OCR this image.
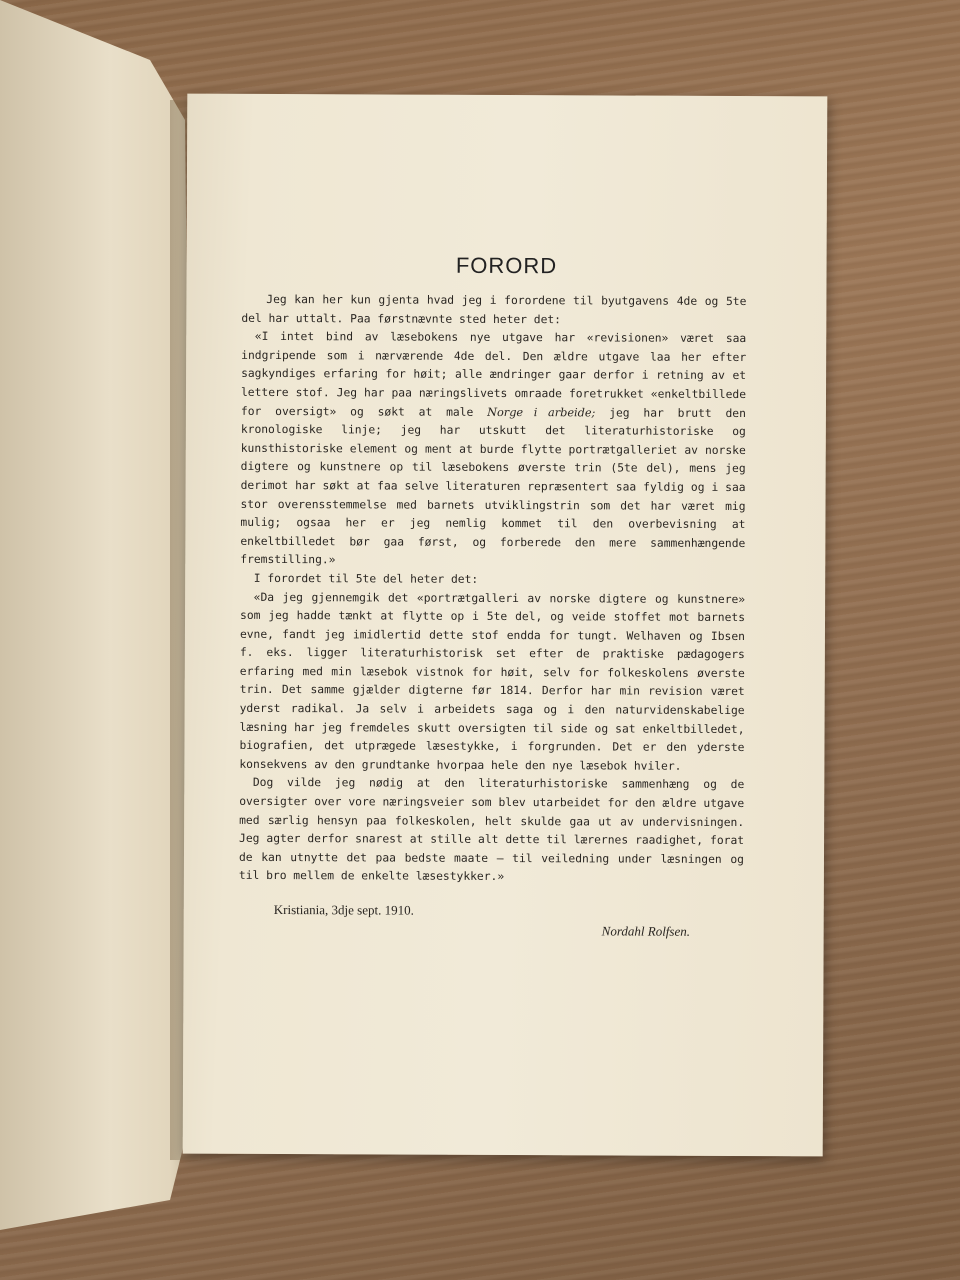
FORORD

Jeg kan her kun gjenta hvad jeg i forordene til byutgavens 4de og 5te del har uttalt. Paa førstnævnte sted heter det:

«I intet bind av læsebokens nye utgave har «revisionen» været saa indgripende som i nærværende 4de del. Den ældre utgave laa her efter sagkyndiges erfaring for høit; alle ændringer gaar derfor i retning av et lettere stof. Jeg har paa næringslivets omraade foretrukket «enkeltbillede for oversigt» og søkt at male Norge i arbeide; jeg har brutt den kronologiske linje; jeg har utskutt det literaturhistoriske og kunsthistoriske element og ment at burde flytte portrætgalleriet av norske digtere og kunstnere op til læsebokens øverste trin (5te del), mens jeg derimot har søkt at faa selve literaturen repræsentert saa fyldig og i saa stor overensstemmelse med barnets utviklingstrin som det har været mig mulig; ogsaa her er jeg nemlig kommet til den overbevisning at enkeltbilledet bør gaa først, og forberede den mere sammenhængende fremstilling.»

I forordet til 5te del heter det:

«Da jeg gjennemgik det «portrætgalleri av norske digtere og kunstnere» som jeg hadde tænkt at flytte op i 5te del, og veide stoffet mot barnets evne, fandt jeg imidlertid dette stof endda for tungt. Welhaven og Ibsen f. eks. ligger literaturhistorisk set efter de praktiske pædagogers erfaring med min læsebok vistnok for høit, selv for folkeskolens øverste trin. Det samme gjælder digterne før 1814. Derfor har min revision været yderst radikal. Ja selv i arbeidets saga og i den naturvidenskabelige læsning har jeg fremdeles skutt oversigten til side og sat enkeltbilledet, biografien, det utprægede læsestykke, i forgrunden. Det er den yderste konsekvens av den grundtanke hvorpaa hele den nye læsebok hviler.

Dog vilde jeg nødig at den literaturhistoriske sammenhæng og de oversigter over vore næringsveier som blev utarbeidet for den ældre utgave med særlig hensyn paa folkeskolen, helt skulde gaa ut av undervisningen. Jeg agter derfor snarest at stille alt dette til lærernes raadighet, forat de kan utnytte det paa bedste maate — til veiledning under læsningen og til bro mellem de enkelte læsestykker.»

Kristiania, 3dje sept. 1910.
Nordahl Rolfsen.
